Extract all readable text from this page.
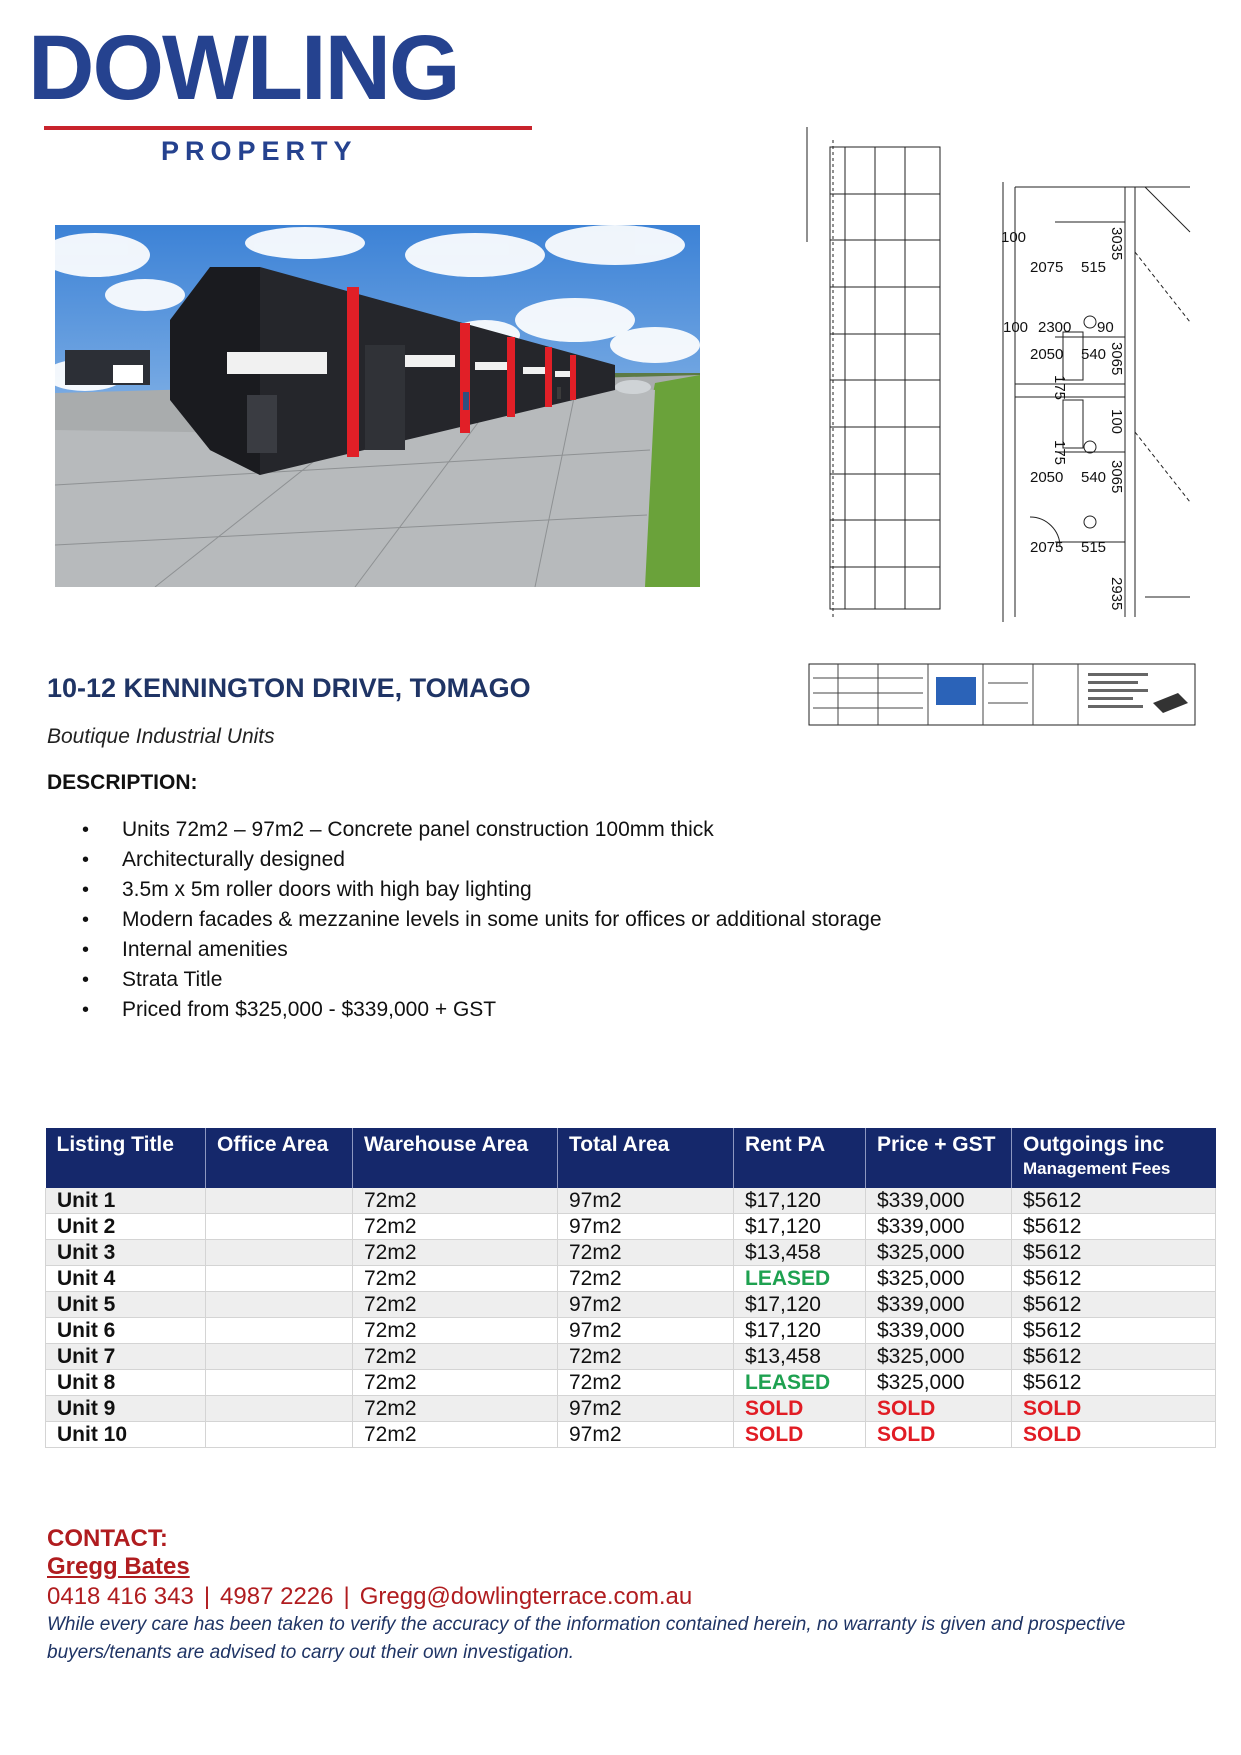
DOWLING
PROPERTY
100
2075 515
100 2300 90
2050 540
2050 540
2075 515
3035
3065
175
100
175
3065
2935
10-12 KENNINGTON DRIVE, TOMAGO
Boutique Industrial Units
DESCRIPTION:
• Units 72m2 – 97m2 – Concrete panel construction 100mm thick
• Architecturally designed
• 3.5m x 5m roller doors with high bay lighting
• Modern facades & mezzanine levels in some units for offices or additional storage
• Internal amenities
• Strata Title
• Priced from $325,000 - $339,000 + GST
Listing Title	Office Area	Warehouse Area	Total Area	Rent PA	Price + GST	Outgoings inc
Management Fees

Unit 1		72m2	97m2	$17,120	$339,000	$5612
Unit 2		72m2	97m2	$17,120	$339,000	$5612
Unit 3		72m2	72m2	$13,458	$325,000	$5612
Unit 4		72m2	72m2	LEASED	$325,000	$5612
Unit 5		72m2	97m2	$17,120	$339,000	$5612
Unit 6		72m2	97m2	$17,120	$339,000	$5612
Unit 7		72m2	72m2	$13,458	$325,000	$5612
Unit 8		72m2	72m2	LEASED	$325,000	$5612
Unit 9		72m2	97m2	SOLD	SOLD	SOLD
Unit 10		72m2	97m2	SOLD	SOLD	SOLD
CONTACT:
Gregg Bates
0418 416 343 | 4987 2226 | Gregg@dowlingterrace.com.au
While every care has been taken to verify the accuracy of the information contained herein, no warranty is given and prospective buyers/tenants are advised to carry out their own investigation.
